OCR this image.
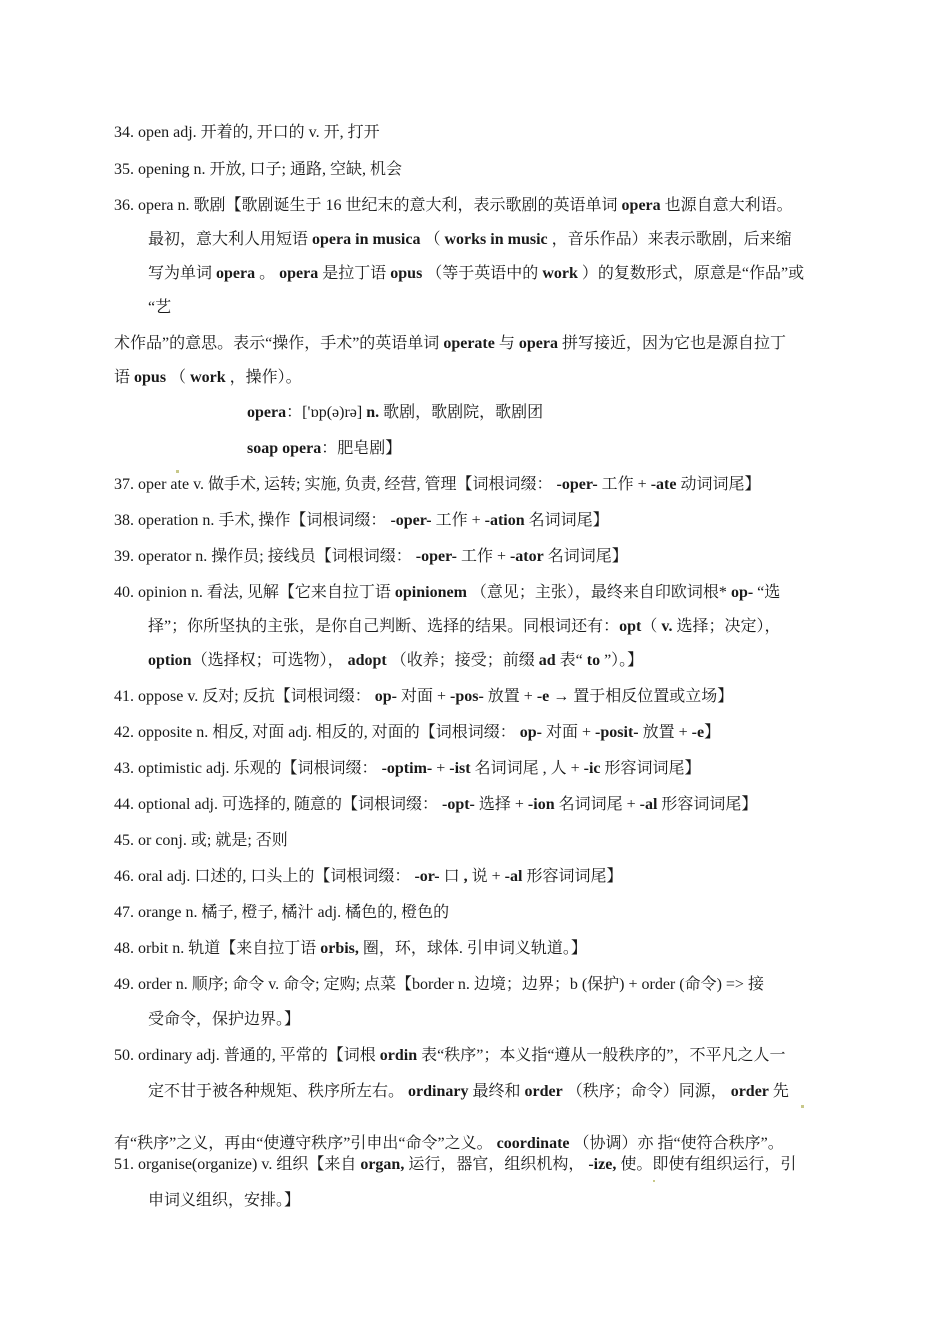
34. open adj. 开着的, 开口的 v. 开, 打开
35. opening n. 开放, 口子; 通路, 空缺, 机会
36. opera n. 歌剧【歌剧诞生于 16 世纪末的意大利，表示歌剧的英语单词 opera 也源自意大利语。
最初，意大利人用短语 opera in musica （ works in music ，音乐作品）来表示歌剧，后来缩
写为单词 opera 。 opera 是拉丁语 opus （等于英语中的 work ）的复数形式，原意是“作品”或
“艺
术作品”的意思。表示“操作，手术”的英语单词 operate 与 opera 拼写接近，因为它也是源自拉丁
语 opus （ work ，操作）。
opera：['ɒp(ə)rə] n. 歌剧，歌剧院，歌剧团
soap opera：肥皂剧】
37. oper ate v. 做手术, 运转; 实施, 负责, 经营, 管理【词根词缀： -oper- 工作 + -ate 动词词尾】
38. operation n. 手术, 操作【词根词缀： -oper- 工作 + -ation 名词词尾】
39. operator n. 操作员; 接线员【词根词缀： -oper- 工作 + -ator 名词词尾】
40. opinion n. 看法, 见解【它来自拉丁语 opinionem （意见；主张），最终来自印欧词根* op- “选
择”；你所坚执的主张，是你自己判断、选择的结果。同根词还有：opt（ v. 选择；决定），
option（选择权；可选物）， adopt （收养；接受；前缀 ad 表“ to ”）。】
41. oppose v. 反对; 反抗【词根词缀： op- 对面 + -pos- 放置 + -e → 置于相反位置或立场】
42. opposite n. 相反, 对面 adj. 相反的, 对面的【词根词缀： op- 对面 + -posit- 放置 + -e】
43. optimistic adj. 乐观的【词根词缀： -optim- + -ist 名词词尾 , 人 + -ic 形容词词尾】
44. optional adj. 可选择的, 随意的【词根词缀： -opt- 选择 + -ion 名词词尾 + -al 形容词词尾】
45. or conj. 或; 就是; 否则
46. oral adj. 口述的, 口头上的【词根词缀： -or- 口 , 说 + -al 形容词词尾】
47. orange n. 橘子, 橙子, 橘汁 adj. 橘色的, 橙色的
48. orbit n. 轨道【来自拉丁语 orbis, 圈，环，球体. 引申词义轨道。】
49. order n. 顺序; 命令 v. 命令; 定购; 点菜【border n. 边境；边界；b (保护) + order (命令) => 接
受命令，保护边界。】
50. ordinary adj. 普通的, 平常的【词根 ordin 表“秩序”；本义指“遵从一般秩序的”，不平凡之人一
定不甘于被各种规矩、秩序所左右。 ordinary 最终和 order （秩序；命令）同源， order 先
有“秩序”之义，再由“使遵守秩序”引申出“命令”之义。 coordinate （协调）亦 指“使符合秩序”。
51. organise(organize) v. 组织【来自 organ, 运行，器官，组织机构， -ize, 使。即使有组织运行，引
申词义组织，安排。】
